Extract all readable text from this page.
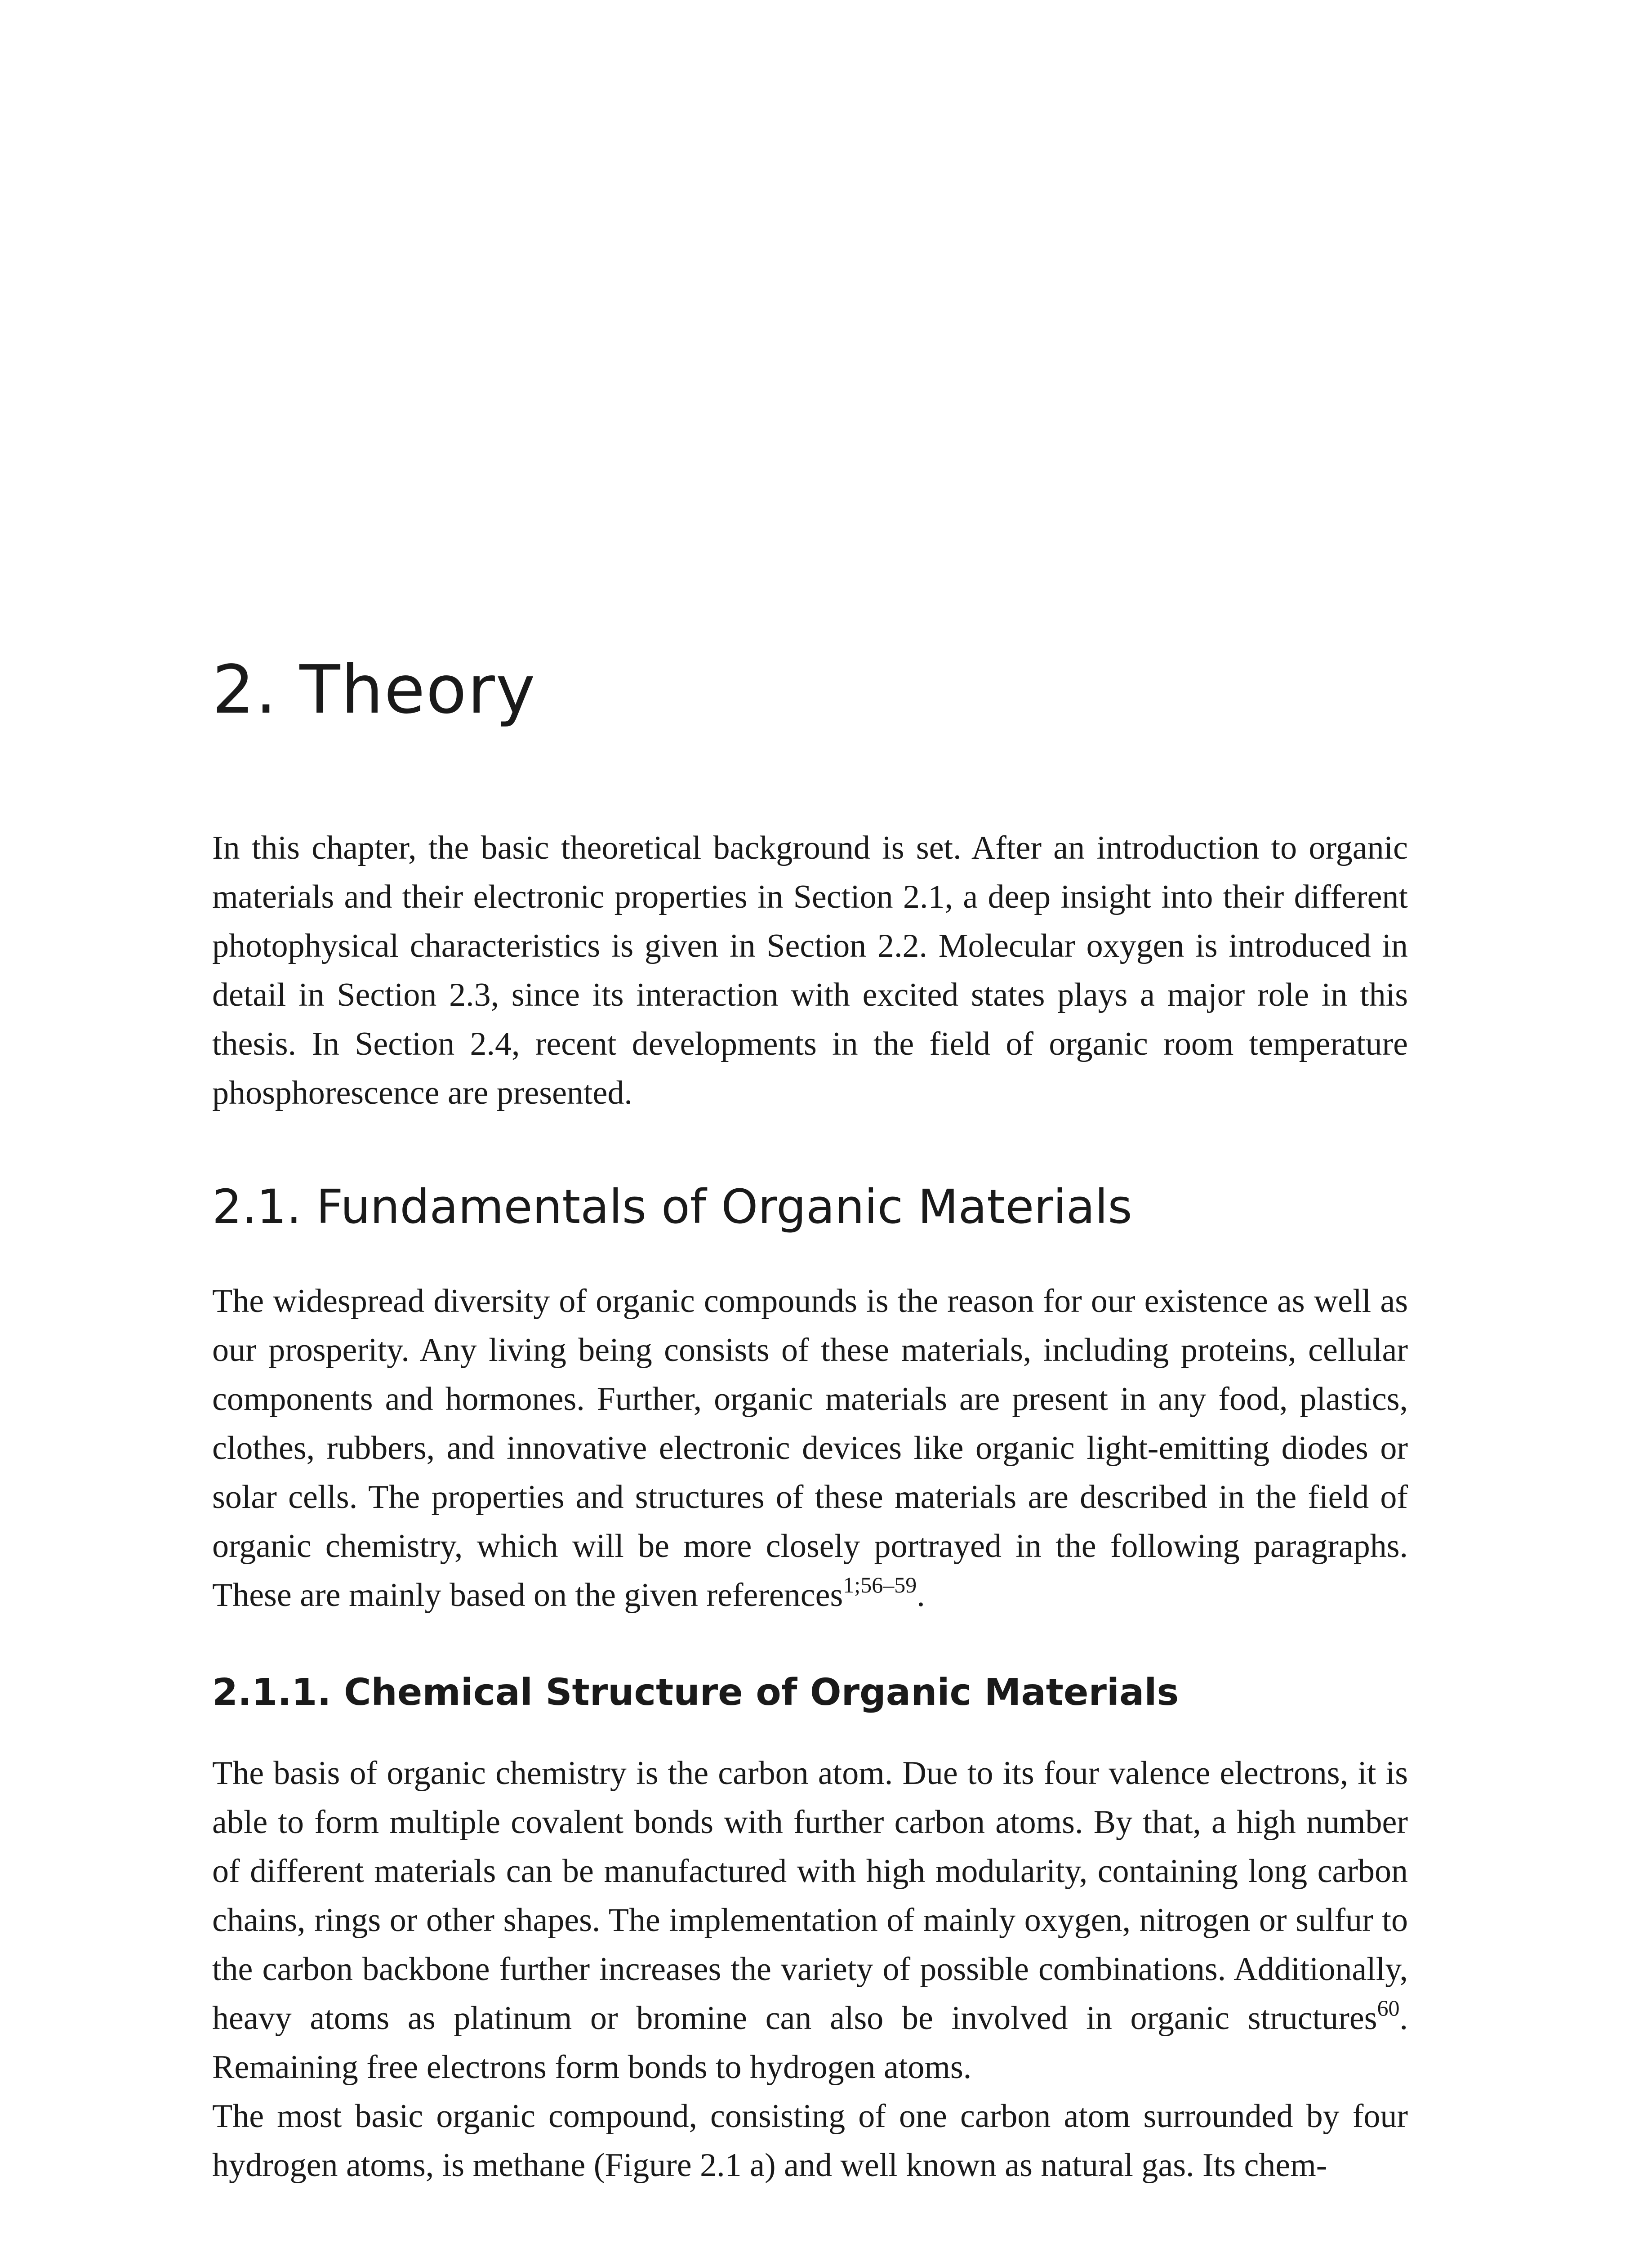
2. Theory

In this chapter, the basic theoretical background is set. After an introduction to organic materials and their electronic properties in Section 2.1, a deep insight into their different photophysical characteristics is given in Section 2.2. Molecular oxygen is introduced in detail in Section 2.3, since its interaction with excited states plays a major role in this thesis. In Section 2.4, recent developments in the field of organic room temperature phosphorescence are presented.

2.1. Fundamentals of Organic Materials

The widespread diversity of organic compounds is the reason for our existence as well as our prosperity. Any living being consists of these materials, including proteins, cellular components and hormones. Further, organic materials are present in any food, plastics, clothes, rubbers, and innovative electronic devices like organic light-emitting diodes or solar cells. The properties and structures of these materials are described in the field of organic chemistry, which will be more closely portrayed in the following paragraphs. These are mainly based on the given references$^{1;56-59}$.

2.1.1. Chemical Structure of Organic Materials

The basis of organic chemistry is the carbon atom. Due to its four valence electrons, it is able to form multiple covalent bonds with further carbon atoms. By that, a high number of different materials can be manufactured with high modularity, containing long carbon chains, rings or other shapes. The implementation of mainly oxygen, nitrogen or sulfur to the carbon backbone further increases the variety of possible combinations. Additionally, heavy atoms as platinum or bromine can also be involved in organic structures$^{60}$. Remaining free electrons form bonds to hydrogen atoms.

The most basic organic compound, consisting of one carbon atom surrounded by four hydrogen atoms, is methane (Figure 2.1 a) and well known as natural gas. Its chem-
